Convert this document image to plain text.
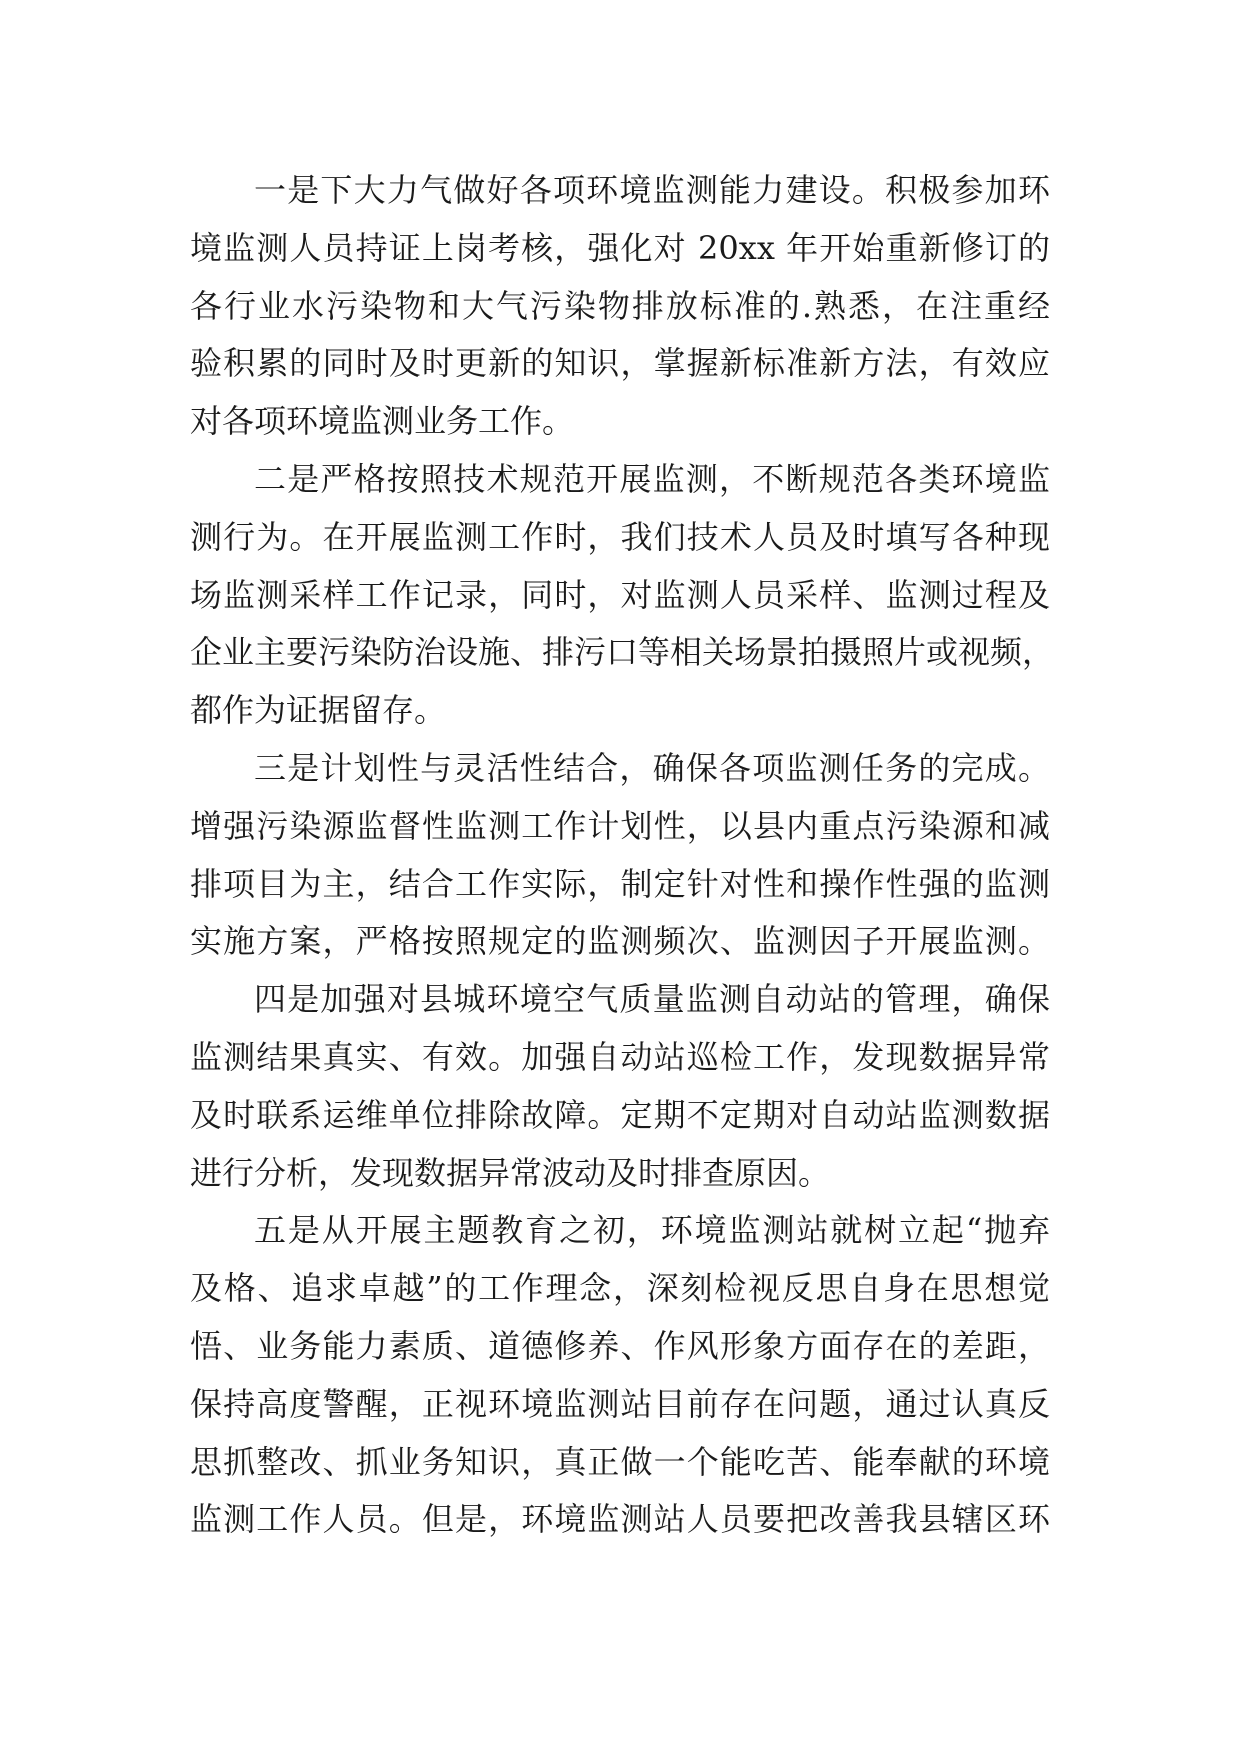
一是下大力气做好各项环境监测能力建设。积极参加环
境监测人员持证上岗考核，强化对 20xx 年开始重新修订的
各行业水污染物和大气污染物排放标准的.熟悉，在注重经
验积累的同时及时更新的知识，掌握新标准新方法，有效应
对各项环境监测业务工作。
二是严格按照技术规范开展监测，不断规范各类环境监
测行为。在开展监测工作时，我们技术人员及时填写各种现
场监测采样工作记录，同时，对监测人员采样、监测过程及
企业主要污染防治设施、排污口等相关场景拍摄照片或视频，
都作为证据留存。
三是计划性与灵活性结合，确保各项监测任务的完成。
增强污染源监督性监测工作计划性，以县内重点污染源和减
排项目为主，结合工作实际，制定针对性和操作性强的监测
实施方案，严格按照规定的监测频次、监测因子开展监测。
四是加强对县城环境空气质量监测自动站的管理，确保
监测结果真实、有效。加强自动站巡检工作，发现数据异常
及时联系运维单位排除故障。定期不定期对自动站监测数据
进行分析，发现数据异常波动及时排查原因。
五是从开展主题教育之初，环境监测站就树立起“抛弃
及格、追求卓越”的工作理念，深刻检视反思自身在思想觉
悟、业务能力素质、道德修养、作风形象方面存在的差距，
保持高度警醒，正视环境监测站目前存在问题，通过认真反
思抓整改、抓业务知识，真正做一个能吃苦、能奉献的环境
监测工作人员。但是，环境监测站人员要把改善我县辖区环
